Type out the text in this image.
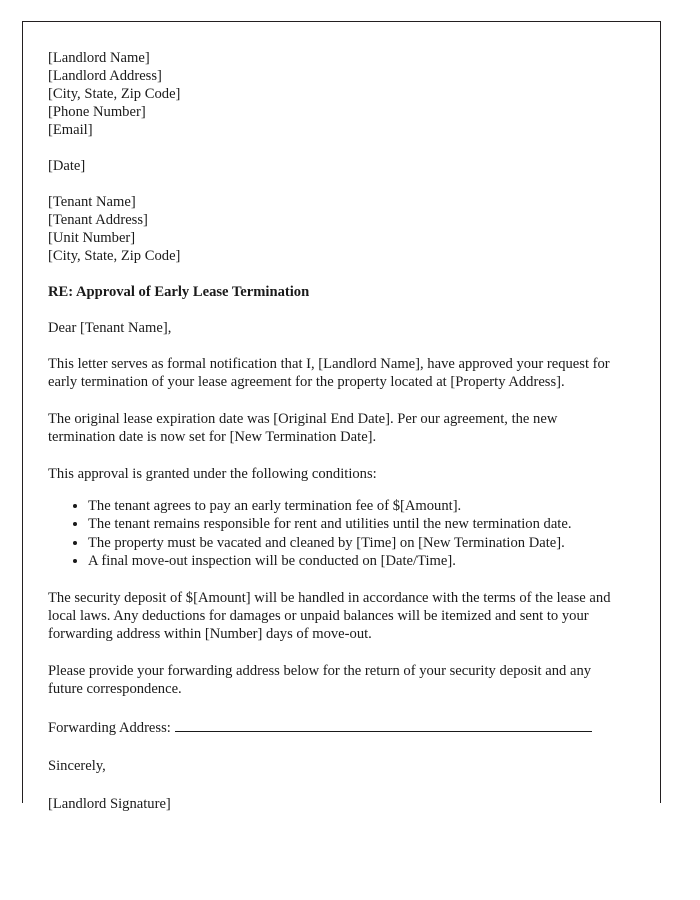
[Landlord Name]
[Landlord Address]
[City, State, Zip Code]
[Phone Number]
[Email]
[Date]
[Tenant Name]
[Tenant Address]
[Unit Number]
[City, State, Zip Code]

RE: Approval of Early Lease Termination

Dear [Tenant Name],

This letter serves as formal notification that I, [Landlord Name], have approved your request for early termination of your lease agreement for the property located at [Property Address].

The original lease expiration date was [Original End Date]. Per our agreement, the new termination date is now set for [New Termination Date].

This approval is granted under the following conditions:

• The tenant agrees to pay an early termination fee of $[Amount].
• The tenant remains responsible for rent and utilities until the new termination date.
• The property must be vacated and cleaned by [Time] on [New Termination Date].
• A final move-out inspection will be conducted on [Date/Time].

The security deposit of $[Amount] will be handled in accordance with the terms of the lease and local laws. Any deductions for damages or unpaid balances will be itemized and sent to your forwarding address within [Number] days of move-out.

Please provide your forwarding address below for the return of your security deposit and any future correspondence.

Forwarding Address:

Sincerely,

[Landlord Signature]
